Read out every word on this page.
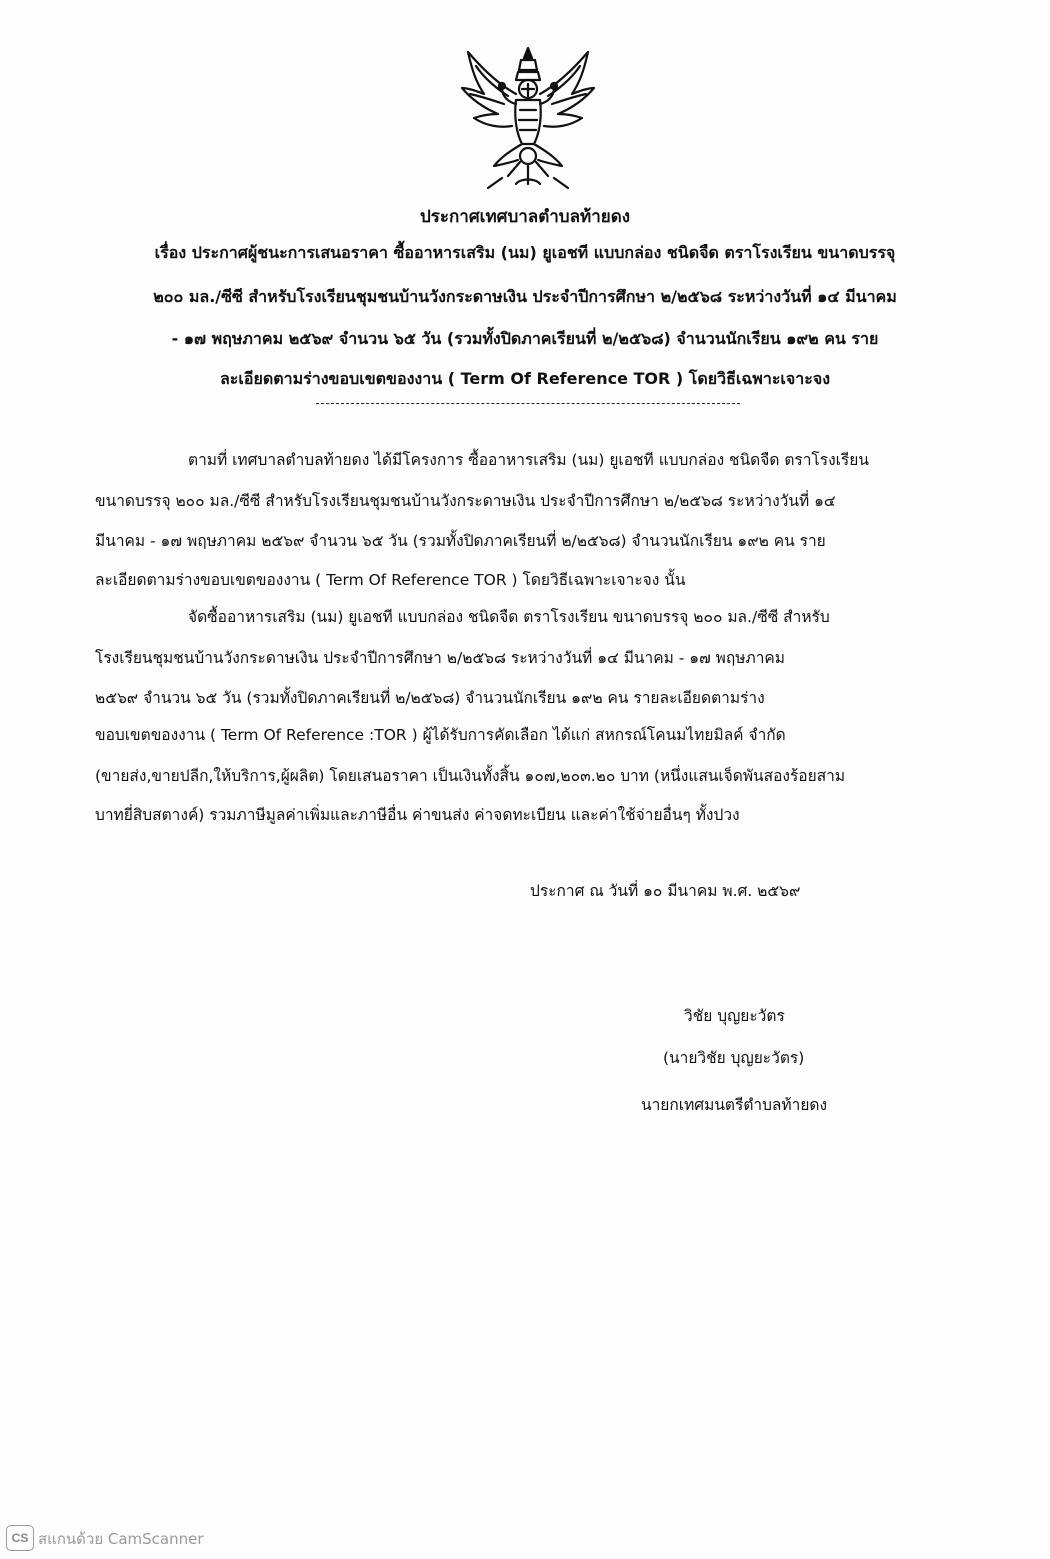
ประกาศเทศบาลตำบลท้ายดง
เรื่อง ประกาศผู้ชนะการเสนอราคา ซื้ออาหารเสริม (นม) ยูเอชที แบบกล่อง ชนิดจืด ตราโรงเรียน ขนาดบรรจุ
๒๐๐ มล./ซีซี สำหรับโรงเรียนชุมชนบ้านวังกระดาษเงิน ประจำปีการศึกษา ๒/๒๕๖๘ ระหว่างวันที่ ๑๔ มีนาคม
- ๑๗ พฤษภาคม ๒๕๖๙ จำนวน ๖๕ วัน (รวมทั้งปิดภาคเรียนที่ ๒/๒๕๖๘) จำนวนนักเรียน ๑๙๒ คน ราย
ละเอียดตามร่างขอบเขตของงาน ( Term Of Reference TOR ) โดยวิธีเฉพาะเจาะจง
ตามที่ เทศบาลตำบลท้ายดง ได้มีโครงการ ซื้ออาหารเสริม (นม) ยูเอชที แบบกล่อง ชนิดจืด ตราโรงเรียน
ขนาดบรรจุ ๒๐๐ มล./ซีซี สำหรับโรงเรียนชุมชนบ้านวังกระดาษเงิน ประจำปีการศึกษา ๒/๒๕๖๘ ระหว่างวันที่ ๑๔
มีนาคม - ๑๗ พฤษภาคม ๒๕๖๙ จำนวน ๖๕ วัน (รวมทั้งปิดภาคเรียนที่ ๒/๒๕๖๘) จำนวนนักเรียน ๑๙๒ คน ราย
ละเอียดตามร่างขอบเขตของงาน ( Term Of Reference TOR ) โดยวิธีเฉพาะเจาะจง นั้น
จัดซื้ออาหารเสริม (นม) ยูเอชที แบบกล่อง ชนิดจืด ตราโรงเรียน ขนาดบรรจุ ๒๐๐ มล./ซีซี สำหรับ
โรงเรียนชุมชนบ้านวังกระดาษเงิน ประจำปีการศึกษา ๒/๒๕๖๘ ระหว่างวันที่ ๑๔ มีนาคม - ๑๗ พฤษภาคม
๒๕๖๙ จำนวน ๖๕ วัน (รวมทั้งปิดภาคเรียนที่ ๒/๒๕๖๘) จำนวนนักเรียน ๑๙๒ คน รายละเอียดตามร่าง
ขอบเขตของงาน ( Term Of Reference :TOR ) ผู้ได้รับการคัดเลือก ได้แก่ สหกรณ์โคนมไทยมิลค์ จำกัด
(ขายส่ง,ขายปลีก,ให้บริการ,ผู้ผลิต) โดยเสนอราคา เป็นเงินทั้งสิ้น ๑๐๗,๒๐๓.๒๐ บาท (หนึ่งแสนเจ็ดพันสองร้อยสาม
บาทยี่สิบสตางค์) รวมภาษีมูลค่าเพิ่มและภาษีอื่น ค่าขนส่ง ค่าจดทะเบียน และค่าใช้จ่ายอื่นๆ ทั้งปวง
ประกาศ ณ วันที่ ๑๐ มีนาคม พ.ศ. ๒๕๖๙
วิชัย บุญยะวัตร
(นายวิชัย บุญยะวัตร)
นายกเทศมนตรีตำบลท้ายดง
CS สแกนด้วย CamScanner
